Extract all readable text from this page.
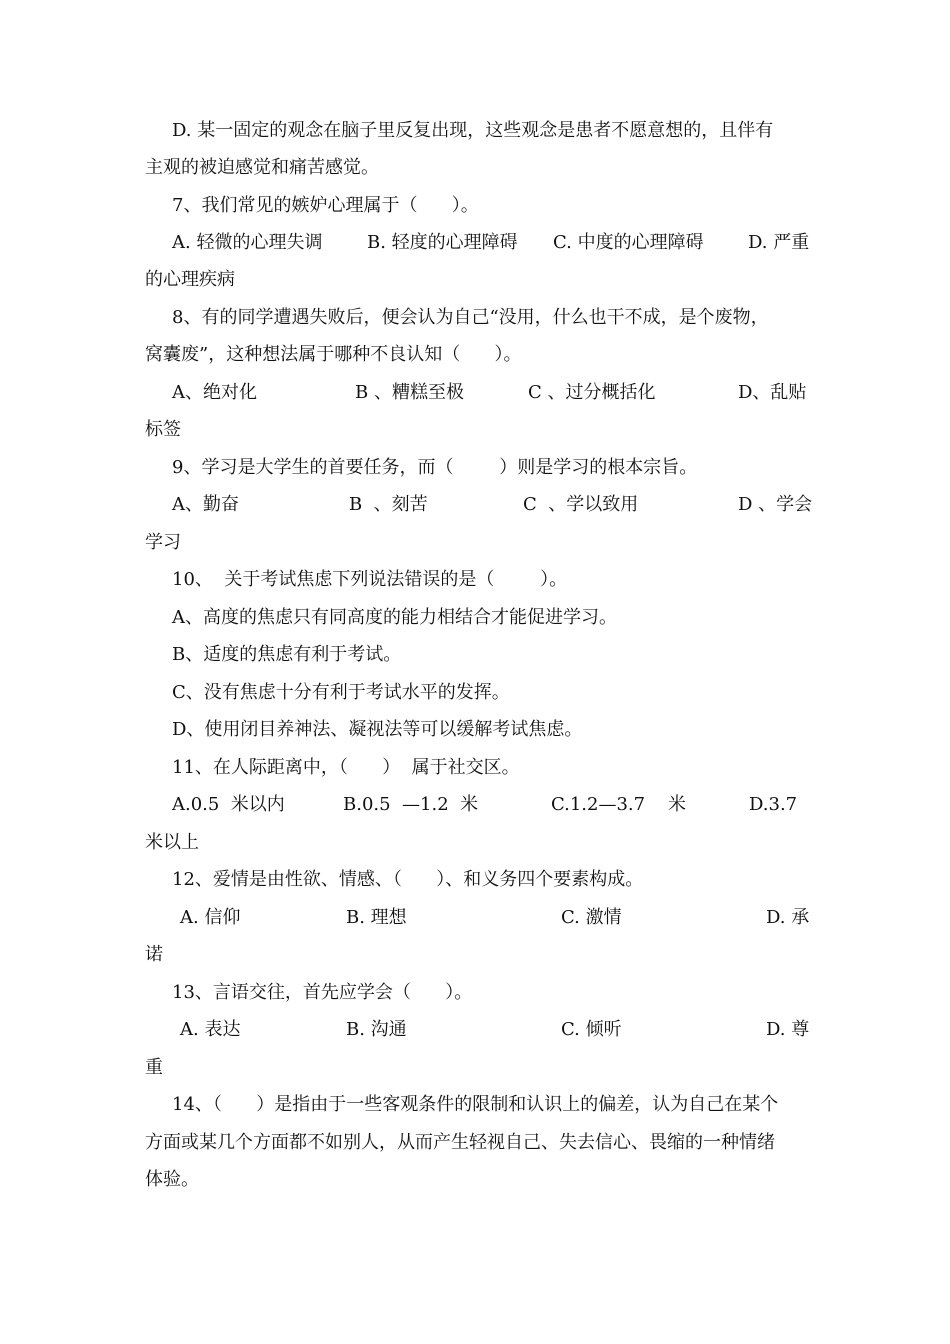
D. 某一固定的观念在脑子里反复出现，这些观念是患者不愿意想的，且伴有
主观的被迫感觉和痛苦感觉。
7、我们常见的嫉妒心理属于（      ）。
A. 轻微的心理失调 B. 轻度的心理障碍 C. 中度的心理障碍 D. 严重
的心理疾病
8、有的同学遭遇失败后，便会认为自己“没用，什么也干不成，是个废物，
窝囊废”，这种想法属于哪种不良认知（      ）。
A、绝对化	B 、糟糕至极	C 、过分概括化	D、乱贴
标签
9、学习是大学生的首要任务，而（        ）则是学习的根本宗旨。
A、勤奋	B  、刻苦	C  、学以致用	D 、学会
学习
10、  关于考试焦虑下列说法错误的是（        ）。
A、高度的焦虑只有同高度的能力相结合才能促进学习。
B、适度的焦虑有利于考试。
C、没有焦虑十分有利于考试水平的发挥。
D、使用闭目养神法、凝视法等可以缓解考试焦虑。
11、在人际距离中，（      ）  属于社交区。
A.0.5  米以内	B.0.5  —1.2  米	C.1.2—3.7    米	D.3.7
米以上
12、爱情是由性欲、情感、（      ）、和义务四个要素构成。
A. 信仰	B. 理想	C. 激情	D. 承
诺
13、言语交往，首先应学会（      ）。
A. 表达	B. 沟通	C. 倾听	D. 尊
重
14、（      ）是指由于一些客观条件的限制和认识上的偏差，认为自己在某个
方面或某几个方面都不如别人，从而产生轻视自己、失去信心、畏缩的一种情绪
体验。
